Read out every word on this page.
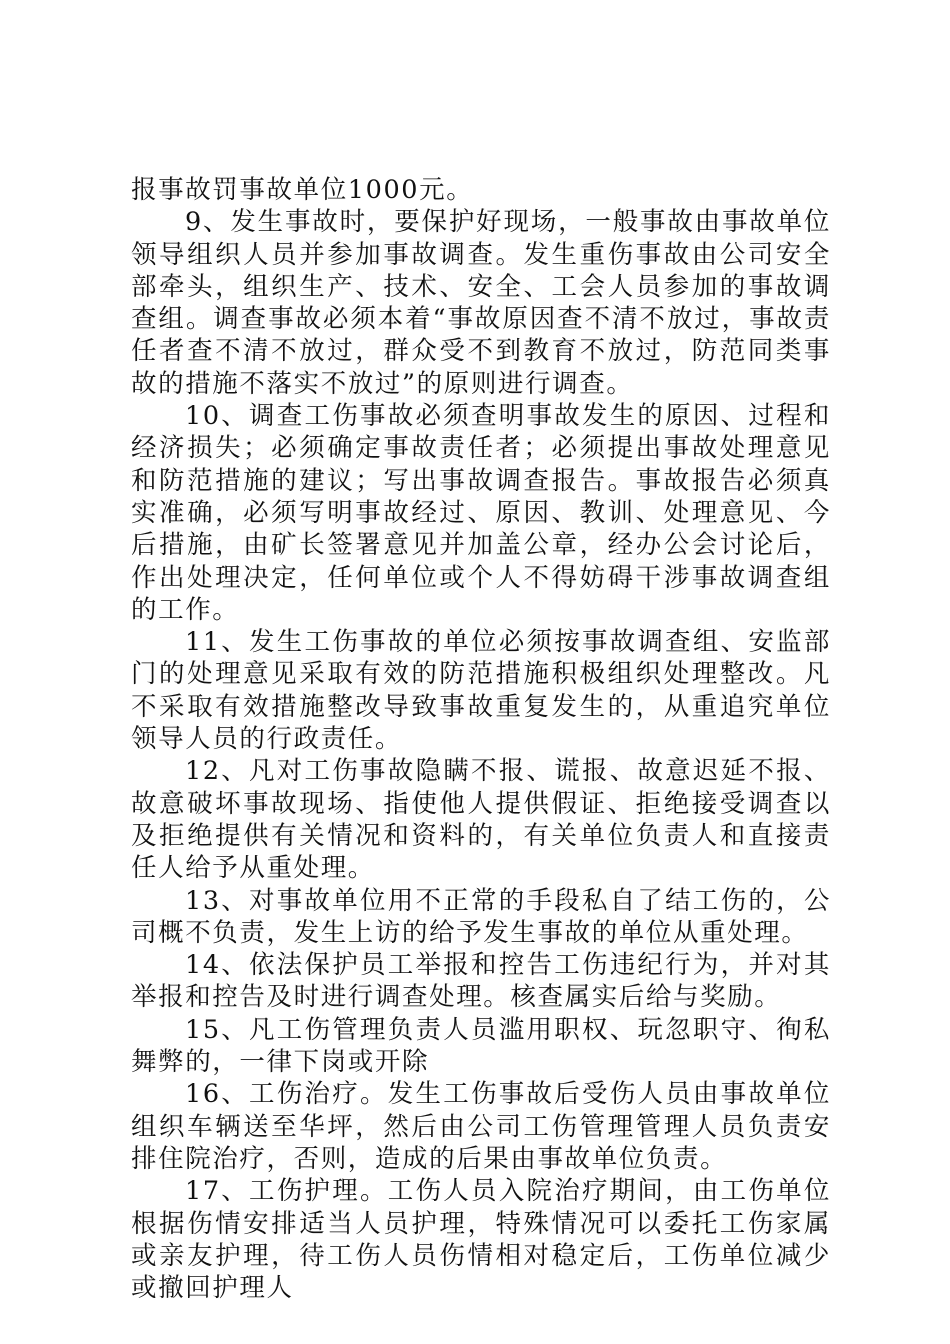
报事故罚事故单位1000元。

9、发生事故时，要保护好现场，一般事故由事故单位领导组织人员并参加事故调查。发生重伤事故由公司安全部牵头，组织生产、技术、安全、工会人员参加的事故调查组。调查事故必须本着“事故原因查不清不放过，事故责任者查不清不放过，群众受不到教育不放过，防范同类事故的措施不落实不放过”的原则进行调查。

10、调查工伤事故必须查明事故发生的原因、过程和经济损失；必须确定事故责任者；必须提出事故处理意见和防范措施的建议；写出事故调查报告。事故报告必须真实准确，必须写明事故经过、原因、教训、处理意见、今后措施，由矿长签署意见并加盖公章，经办公会讨论后，作出处理决定，任何单位或个人不得妨碍干涉事故调查组的工作。

11、发生工伤事故的单位必须按事故调查组、安监部门的处理意见采取有效的防范措施积极组织处理整改。凡不采取有效措施整改导致事故重复发生的，从重追究单位领导人员的行政责任。

12、凡对工伤事故隐瞒不报、谎报、故意迟延不报、故意破坏事故现场、指使他人提供假证、拒绝接受调查以及拒绝提供有关情况和资料的，有关单位负责人和直接责任人给予从重处理。

13、对事故单位用不正常的手段私自了结工伤的，公司概不负责，发生上访的给予发生事故的单位从重处理。

14、依法保护员工举报和控告工伤违纪行为，并对其举报和控告及时进行调查处理。核查属实后给与奖励。

15、凡工伤管理负责人员滥用职权、玩忽职守、徇私舞弊的，一律下岗或开除

16、工伤治疗。发生工伤事故后受伤人员由事故单位组织车辆送至华坪，然后由公司工伤管理管理人员负责安排住院治疗，否则，造成的后果由事故单位负责。

17、工伤护理。工伤人员入院治疗期间，由工伤单位根据伤情安排适当人员护理，特殊情况可以委托工伤家属或亲友护理，待工伤人员伤情相对稳定后，工伤单位减少或撤回护理人
